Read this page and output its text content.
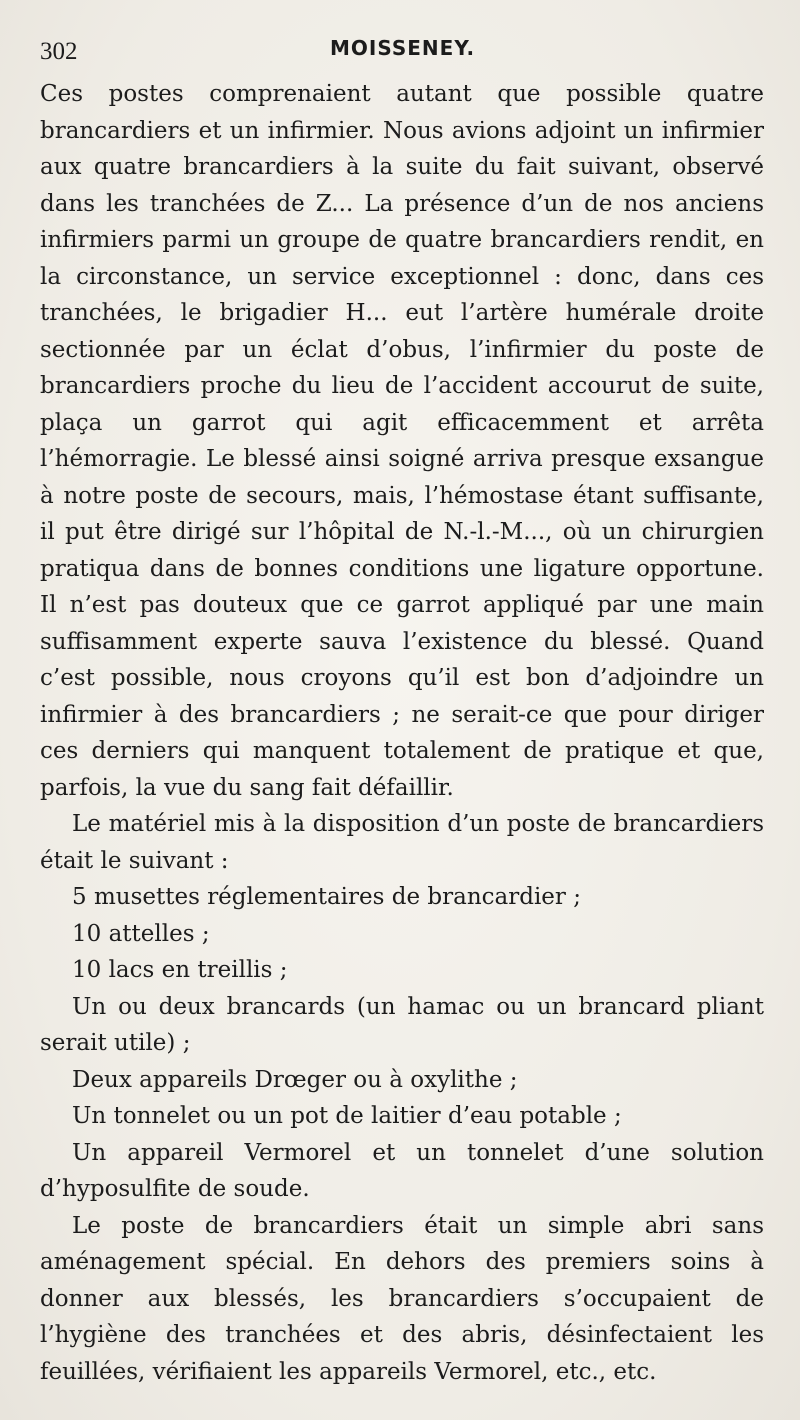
302	MOISSENEY.

Ces postes comprenaient autant que possible quatre brancardiers et un infirmier. Nous avions adjoint un infirmier aux quatre brancardiers à la suite du fait suivant, observé dans les tranchées de Z... La présence d’un de nos anciens infirmiers parmi un groupe de quatre brancardiers rendit, en la circonstance, un service exceptionnel : donc, dans ces tranchées, le brigadier H... eut l’artère humérale droite sectionnée par un éclat d’obus, l’infirmier du poste de brancardiers proche du lieu de l’accident accourut de suite, plaça un garrot qui agit efficacemment et arrêta l’hémorragie. Le blessé ainsi soigné arriva presque exsangue à notre poste de secours, mais, l’hémostase étant suffisante, il put être dirigé sur l’hôpital de N.-l.-M..., où un chirurgien pratiqua dans de bonnes conditions une ligature opportune. Il n’est pas douteux que ce garrot appliqué par une main suffisamment experte sauva l’existence du blessé. Quand c’est possible, nous croyons qu’il est bon d’adjoindre un infirmier à des brancardiers ; ne serait-ce que pour diriger ces derniers qui manquent totalement de pratique et que, parfois, la vue du sang fait défaillir.

Le matériel mis à la disposition d’un poste de brancardiers était le suivant :

5 musettes réglementaires de brancardier ;
10 attelles ;
10 lacs en treillis ;
Un ou deux brancards (un hamac ou un brancard pliant serait utile) ;
Deux appareils Drœger ou à oxylithe ;
Un tonnelet ou un pot de laitier d’eau potable ;
Un appareil Vermorel et un tonnelet d’une solution d’hyposulfite de soude.

Le poste de brancardiers était un simple abri sans aménagement spécial. En dehors des premiers soins à donner aux blessés, les brancardiers s’occupaient de l’hygiène des tranchées et des abris, désinfectaient les feuillées, vérifiaient les appareils Vermorel, etc., etc.
